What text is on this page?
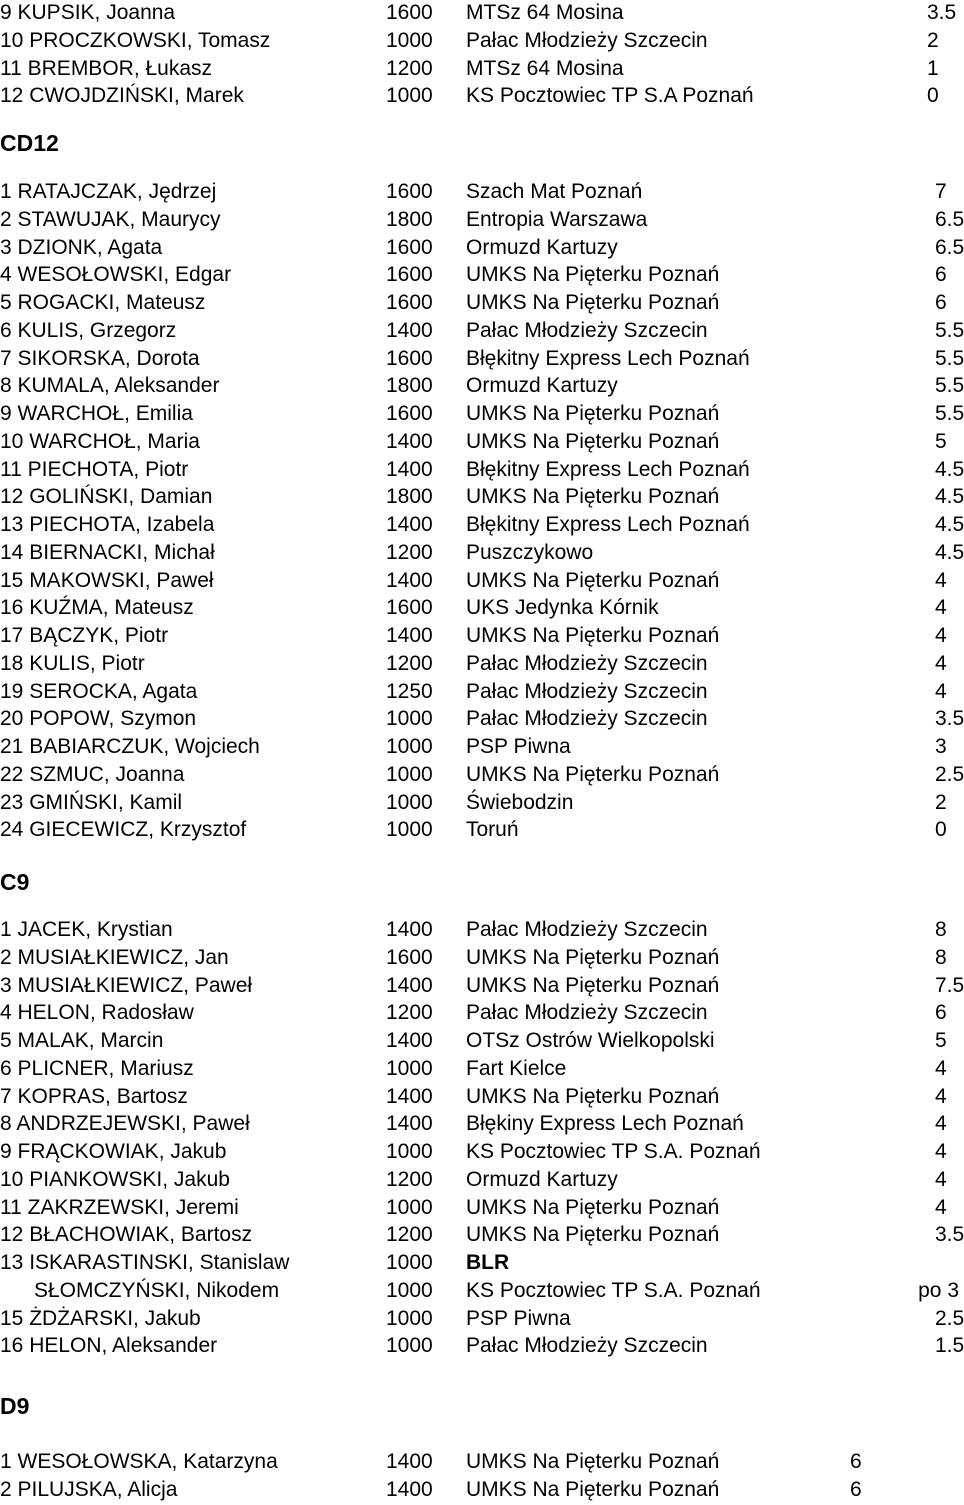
9 KUPSIK, Joanna	1600 MTSz 64 Mosina	3.5
10 PROCZKOWSKI, Tomasz	1000 Pałac Młodzieży Szczecin	2
11 BREMBOR, Łukasz	1200 MTSz 64 Mosina	1
12 CWOJDZIŃSKI, Marek	1000 KS Pocztowiec TP S.A Poznań	0
CD12
1 RATAJCZAK, Jędrzej	1600 Szach Mat Poznań	7
2 STAWUJAK, Maurycy	1800 Entropia Warszawa	6.5
3 DZIONK, Agata	1600 Ormuzd Kartuzy	6.5
4 WESOŁOWSKI, Edgar	1600 UMKS Na Pięterku Poznań	6
5 ROGACKI, Mateusz	1600 UMKS Na Pięterku Poznań	6
6 KULIS, Grzegorz	1400 Pałac Młodzieży Szczecin	5.5
7 SIKORSKA, Dorota	1600 Błękitny Express Lech Poznań	5.5
8 KUMALA, Aleksander	1800 Ormuzd Kartuzy	5.5
9 WARCHOŁ, Emilia	1600 UMKS Na Pięterku Poznań	5.5
10 WARCHOŁ, Maria	1400 UMKS Na Pięterku Poznań	5
11 PIECHOTA, Piotr	1400 Błękitny Express Lech Poznań	4.5
12 GOLIŃSKI, Damian	1800 UMKS Na Pięterku Poznań	4.5
13 PIECHOTA, Izabela	1400 Błękitny Express Lech Poznań	4.5
14 BIERNACKI, Michał	1200 Puszczykowo	4.5
15 MAKOWSKI, Paweł	1400 UMKS Na Pięterku Poznań	4
16 KUŹMA, Mateusz	1600 UKS Jedynka Kórnik	4
17 BĄCZYK, Piotr	1400 UMKS Na Pięterku Poznań	4
18 KULIS, Piotr	1200 Pałac Młodzieży Szczecin	4
19 SEROCKA, Agata	1250 Pałac Młodzieży Szczecin	4
20 POPOW, Szymon	1000 Pałac Młodzieży Szczecin	3.5
21 BABIARCZUK, Wojciech	1000 PSP Piwna	3
22 SZMUC, Joanna	1000 UMKS Na Pięterku Poznań	2.5
23 GMIŃSKI, Kamil	1000 Świebodzin	2
24 GIECEWICZ, Krzysztof	1000 Toruń	0
C9
1 JACEK, Krystian	1400 Pałac Młodzieży Szczecin	8
2 MUSIAŁKIEWICZ, Jan	1600 UMKS Na Pięterku Poznań	8
3 MUSIAŁKIEWICZ, Paweł	1400 UMKS Na Pięterku Poznań	7.5
4 HELON, Radosław	1200 Pałac Młodzieży Szczecin	6
5 MALAK, Marcin	1400 OTSz Ostrów Wielkopolski	5
6 PLICNER, Mariusz	1000 Fart Kielce	4
7 KOPRAS, Bartosz	1400 UMKS Na Pięterku Poznań	4
8 ANDRZEJEWSKI, Paweł	1400 Błękiny Express Lech Poznań	4
9 FRĄCKOWIAK, Jakub	1000 KS Pocztowiec TP S.A. Poznań	4
10 PIANKOWSKI, Jakub	1200 Ormuzd Kartuzy	4
11 ZAKRZEWSKI, Jeremi	1000 UMKS Na Pięterku Poznań	4
12 BŁACHOWIAK, Bartosz	1200 UMKS Na Pięterku Poznań	3.5
13 ISKARASTINSKI, Stanislaw	1000 BLR
SŁOMCZYŃSKI, Nikodem	1000 KS Pocztowiec TP S.A. Poznań	po 3
15 ŻDŻARSKI, Jakub	1000 PSP Piwna	2.5
16 HELON, Aleksander	1000 Pałac Młodzieży Szczecin	1.5
D9
1 WESOŁOWSKA, Katarzyna	1400 UMKS Na Pięterku Poznań	6
2 PILUJSKA, Alicja	1400 UMKS Na Pięterku Poznań	6
